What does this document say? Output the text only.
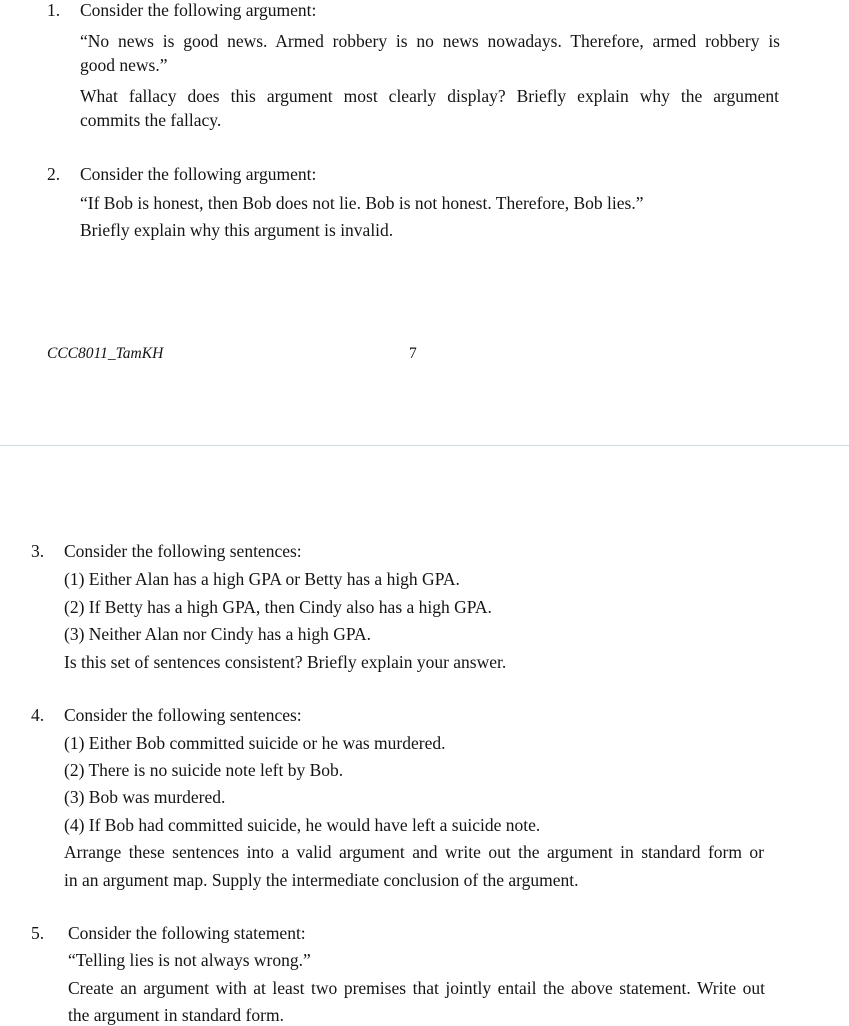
1. Consider the following argument:
“No news is good news. Armed robbery is no news nowadays. Therefore, armed robbery is
good news.”
What fallacy does this argument most clearly display? Briefly explain why the argument
commits the fallacy.
2. Consider the following argument:
“If Bob is honest, then Bob does not lie. Bob is not honest. Therefore, Bob lies.”
Briefly explain why this argument is invalid.
CCC8011_TamKH	7
3. Consider the following sentences:
(1) Either Alan has a high GPA or Betty has a high GPA.
(2) If Betty has a high GPA, then Cindy also has a high GPA.
(3) Neither Alan nor Cindy has a high GPA.
Is this set of sentences consistent? Briefly explain your answer.
4. Consider the following sentences:
(1) Either Bob committed suicide or he was murdered.
(2) There is no suicide note left by Bob.
(3) Bob was murdered.
(4) If Bob had committed suicide, he would have left a suicide note.
Arrange these sentences into a valid argument and write out the argument in standard form or
in an argument map. Supply the intermediate conclusion of the argument.
5. Consider the following statement:
“Telling lies is not always wrong.”
Create an argument with at least two premises that jointly entail the above statement. Write out
the argument in standard form.
